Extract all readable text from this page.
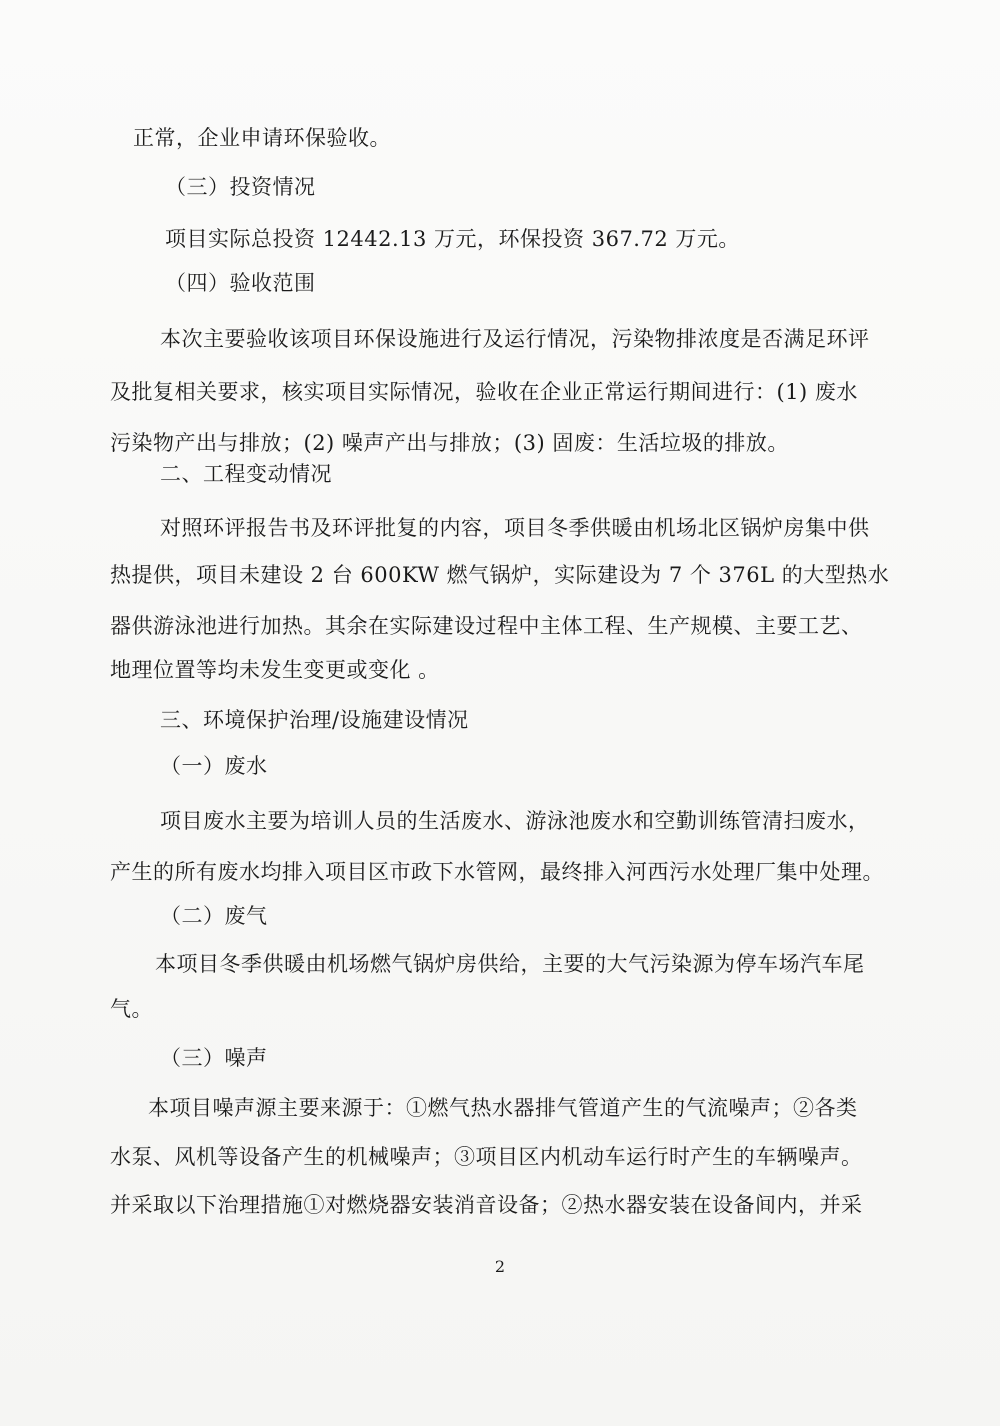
正常，企业申请环保验收。
（三）投资情况
项目实际总投资 12442.13 万元，环保投资 367.72 万元。
（四）验收范围
本次主要验收该项目环保设施进行及运行情况，污染物排浓度是否满足环评
及批复相关要求，核实项目实际情况，验收在企业正常运行期间进行：(1) 废水
污染物产出与排放；(2) 噪声产出与排放；(3) 固废：生活垃圾的排放。
二、工程变动情况
对照环评报告书及环评批复的内容，项目冬季供暖由机场北区锅炉房集中供
热提供，项目未建设 2 台 600KW 燃气锅炉，实际建设为 7 个 376L 的大型热水
器供游泳池进行加热。其余在实际建设过程中主体工程、生产规模、主要工艺、
地理位置等均未发生变更或变化 。
三、环境保护治理/设施建设情况
（一）废水
项目废水主要为培训人员的生活废水、游泳池废水和空勤训练管清扫废水，
产生的所有废水均排入项目区市政下水管网，最终排入河西污水处理厂集中处理。
（二）废气
本项目冬季供暖由机场燃气锅炉房供给，主要的大气污染源为停车场汽车尾
气。
（三）噪声
本项目噪声源主要来源于：①燃气热水器排气管道产生的气流噪声；②各类
水泵、风机等设备产生的机械噪声；③项目区内机动车运行时产生的车辆噪声。
并采取以下治理措施①对燃烧器安装消音设备；②热水器安装在设备间内，并采
2
